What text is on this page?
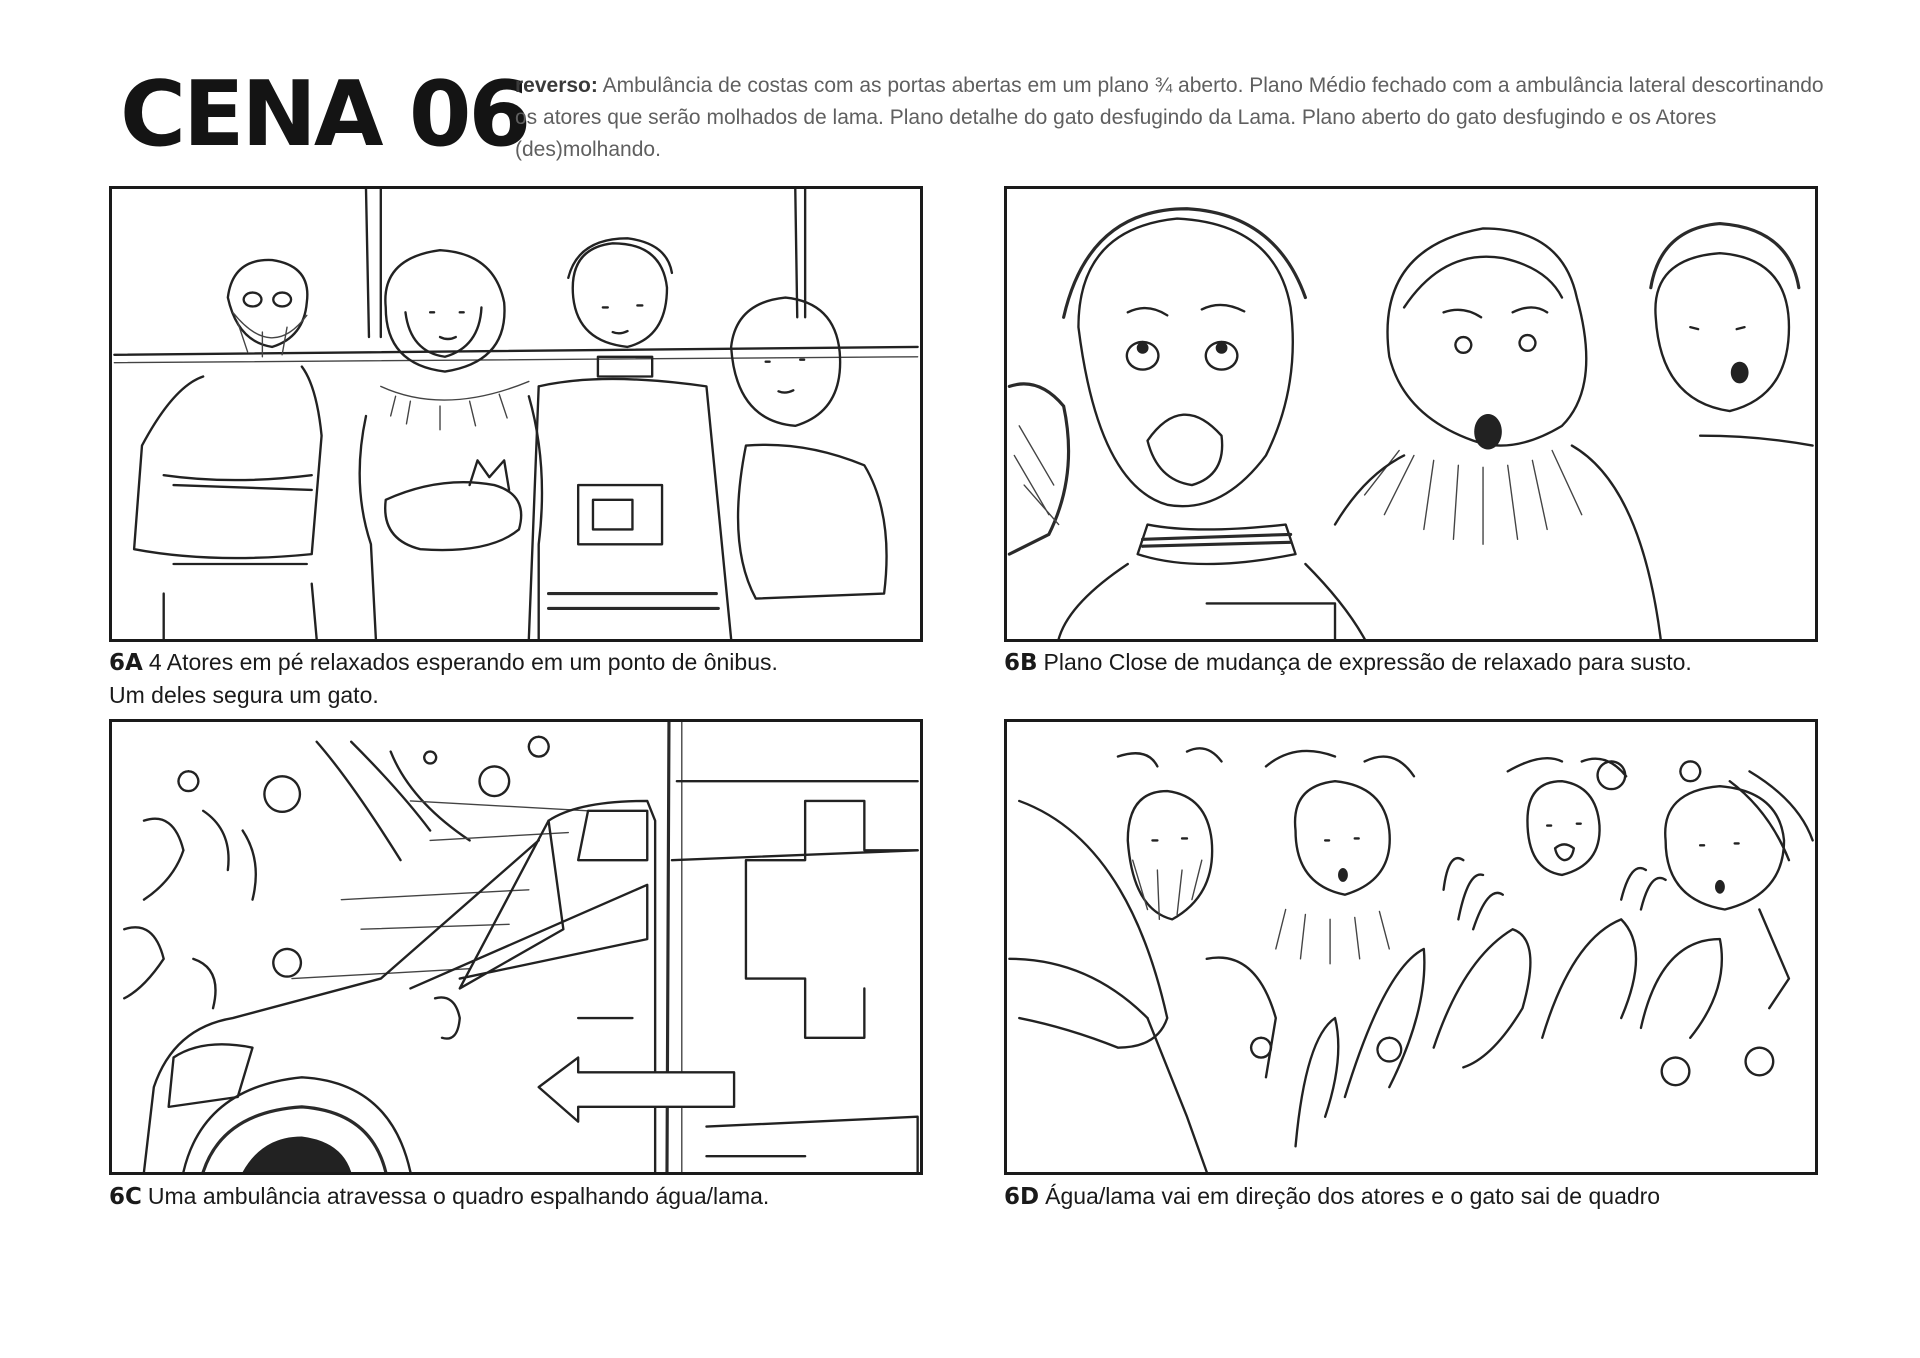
CENA 06

reverso: Ambulância de costas com as portas abertas em um plano ¾ aberto. Plano Médio fechado com a ambulância lateral descortinando os atores que serão molhados de lama. Plano detalhe do gato desfugindo da Lama. Plano aberto do gato desfugindo e os Atores (des)molhando.

6A 4 Atores em pé relaxados esperando em um ponto de ônibus.
Um deles segura um gato.

6B Plano Close de mudança de expressão de relaxado para susto.

6C Uma ambulância atravessa o quadro espalhando água/lama.	6D Água/lama vai em direção dos atores e o gato sai de quadro
